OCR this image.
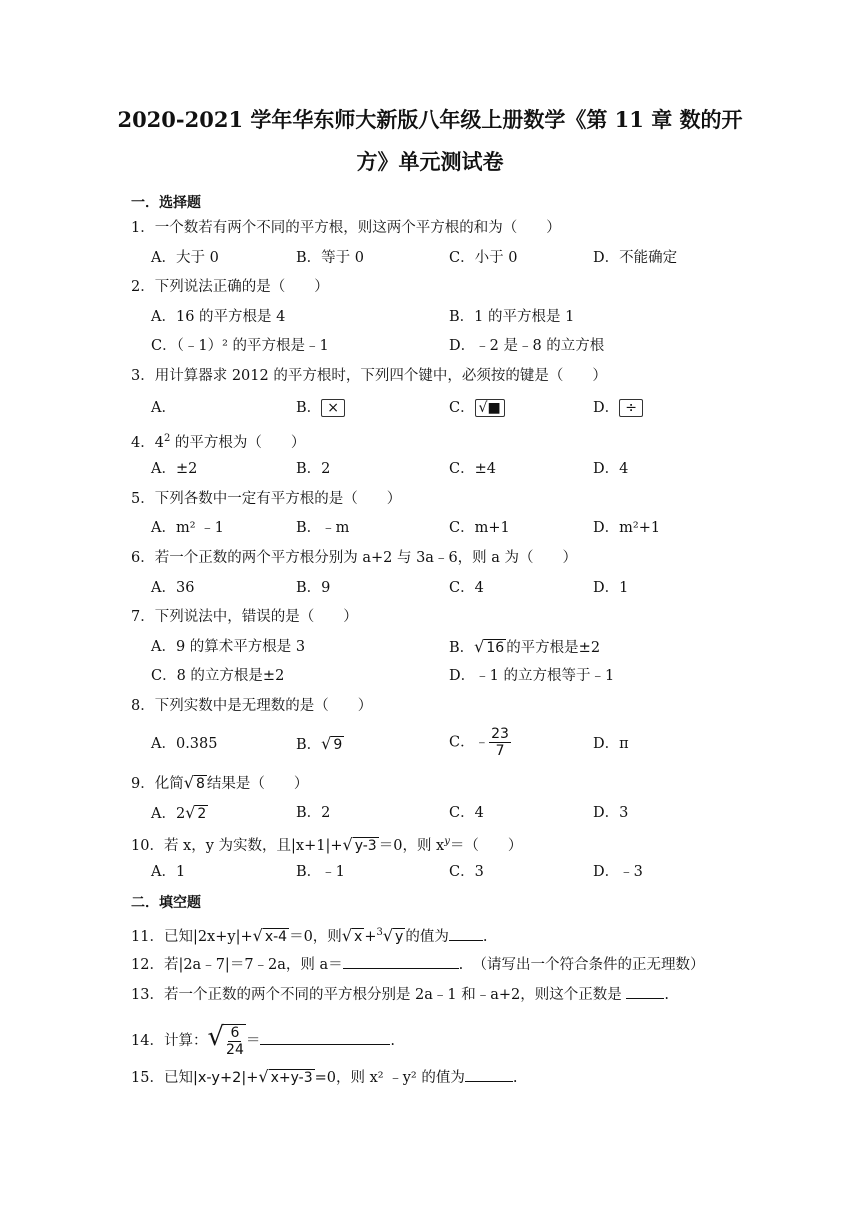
2020-2021 学年华东师大新版八年级上册数学《第 11 章 数的开
方》单元测试卷
一．选择题
1．一个数若有两个不同的平方根，则这两个平方根的和为（　　）
A．大于 0	B．等于 0	C．小于 0	D．不能确定
2．下列说法正确的是（　　）
A．16 的平方根是 4	B．1 的平方根是 1
C．（﹣1）² 的平方根是﹣1	D．﹣2 是﹣8 的立方根
3．用计算器求 2012 的平方根时，下列四个键中，必须按的键是（　　）
A．	B． ×	C． √■	D． ÷
4．$4^2$ 的平方根为（　　）
A．±2	B．2	C．±4	D．4
5．下列各数中一定有平方根的是（　　）
A．m² ﹣1	B．﹣m	C．m+1	D．m²+1
6．若一个正数的两个平方根分别为 a+2 与 3a﹣6，则 a 为（　　）
A．36	B．9	C．4	D．1
7．下列说法中，错误的是（　　）
A．9 的算术平方根是 3	B．√ 16 的平方根是±2
C．8 的立方根是±2	D．﹣1 的立方根等于﹣1
8．下列实数中是无理数的是（　　）
A．0.385	B．√ 9	C．﹣ $\frac{23}{7}$	D．π
9．化简√ 8 结果是（　　）
A．2√ 2	B．2	C．4	D．3
10．若 x，y 为实数，且|x+1|+√ y-3 ＝0，则 $x^y=$（　　）
A．1	B．﹣1	C．3	D．﹣3
二．填空题
11．已知|2x+y|+√ x-4 ＝0，则√ x +$^3$√ y 的值为 .
12．若|2a﹣7|＝7﹣2a，则 a＝	. （请写出一个符合条件的正无理数）
13．若一个正数的两个不同的平方根分别是 2a﹣1 和﹣a+2，则这个正数是	.
14．计算：√ $\frac{6}{24}$ ＝	.
15．已知|x-y+2|+√ x+y-3 =0，则 x² ﹣y² 的值为	.
